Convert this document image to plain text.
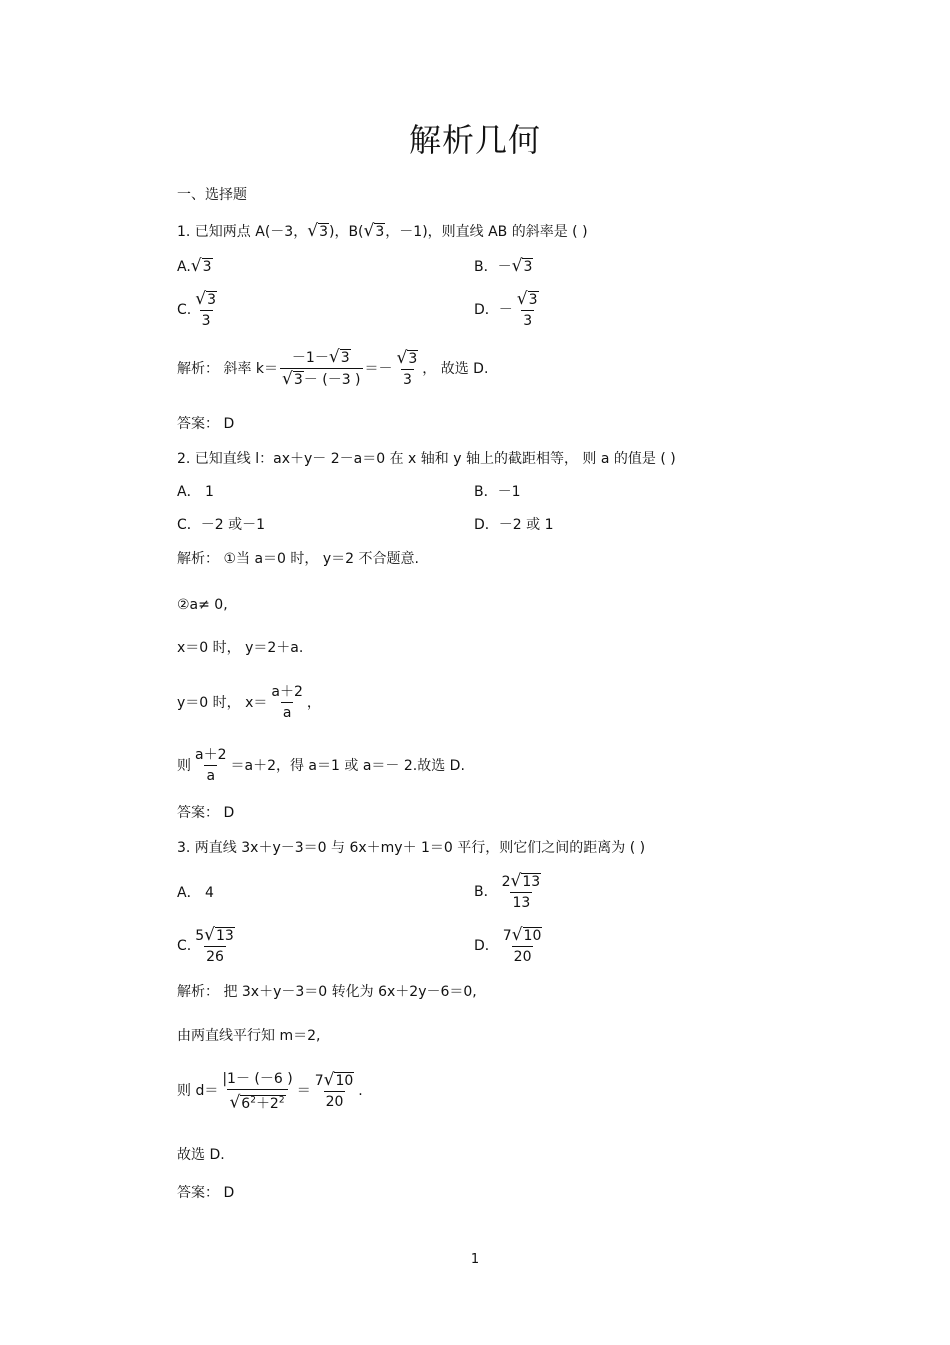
解析几何
一、选择题
1. 已知两点 A(－3，√3)，B(√3，－1)，则直线 AB 的斜率是 ( )
A.√3	B．－√3
C. $\frac{√3}{3}$	D．－ $\frac{√3}{3}$
解析： 斜率 $k= \frac{-1-√3}{√3- (-3 )} =- \frac{√3}{3}$ ， 故选 D.
答案： D
2. 已知直线 l：ax＋y－ 2－a＝0 在 x 轴和 y 轴上的截距相等， 则 a 的值是 ( )
A． 1	B．－1
C．－2 或－1	D．－2 或 1
解析： ①当 a＝0 时， y＝2 不合题意.
②a≠ 0,
x＝0 时， y＝2＋a.
y＝0 时， $x= \frac{a+2}{a}$ ，
则 $\frac{a+2}{a} =a+2$，得 a＝1 或 a＝－ 2.故选 D.
答案： D
3. 两直线 3x＋y－3＝0 与 6x＋my＋ 1＝0 平行，则它们之间的距离为 ( )
A． 4	B． $\frac{2√13}{13}$
C. $\frac{5√13}{26}$	D． $\frac{7√10}{20}$
解析： 把 3x＋y－3＝0 转化为 6x＋2y－6＝0,
由两直线平行知 m＝2,
则 $d= \frac{|1- (-6 )}{√6^2+2^2} = \frac{7√10}{20}$ .
故选 D.
答案： D
1
